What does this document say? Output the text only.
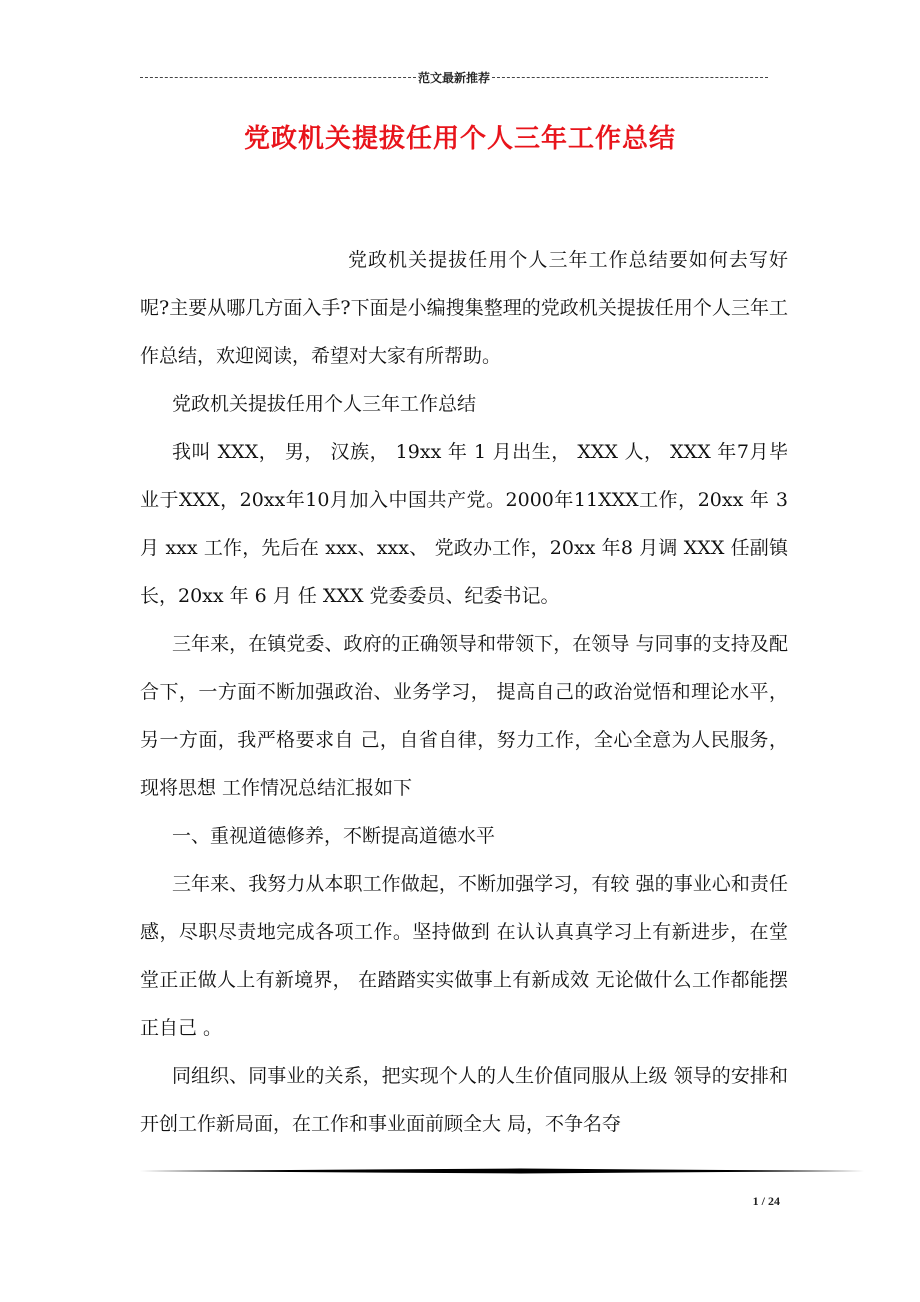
范文最新推荐
党政机关提拔任用个人三年工作总结

党政机关提拔任用个人三年工作总结要如何去写好呢?主要从哪几方面入手?下面是小编搜集整理的党政机关提拔任用个人三年工作总结，欢迎阅读，希望对大家有所帮助。

党政机关提拔任用个人三年工作总结

我叫 XXX， 男， 汉族， 19xx 年 1 月出生， XXX 人， XXX 年7月毕业于XXX，20xx年10月加入中国共产党。2000年11XXX工作，20xx 年 3 月 xxx 工作，先后在 xxx、xxx、 党政办工作，20xx 年8 月调 XXX 任副镇长，20xx 年 6 月 任 XXX 党委委员、纪委书记。

三年来，在镇党委、政府的正确领导和带领下，在领导 与同事的支持及配合下，一方面不断加强政治、业务学习， 提高自己的政治觉悟和理论水平，另一方面，我严格要求自 己，自省自律，努力工作，全心全意为人民服务，现将思想 工作情况总结汇报如下

一、重视道德修养，不断提高道德水平

三年来、我努力从本职工作做起，不断加强学习，有较 强的事业心和责任感，尽职尽责地完成各项工作。坚持做到 在认认真真学习上有新进步，在堂堂正正做人上有新境界， 在踏踏实实做事上有新成效 无论做什么工作都能摆正自己 。

同组织、同事业的关系，把实现个人的人生价值同服从上级 领导的安排和开创工作新局面，在工作和事业面前顾全大 局，不争名夺

1 / 24
